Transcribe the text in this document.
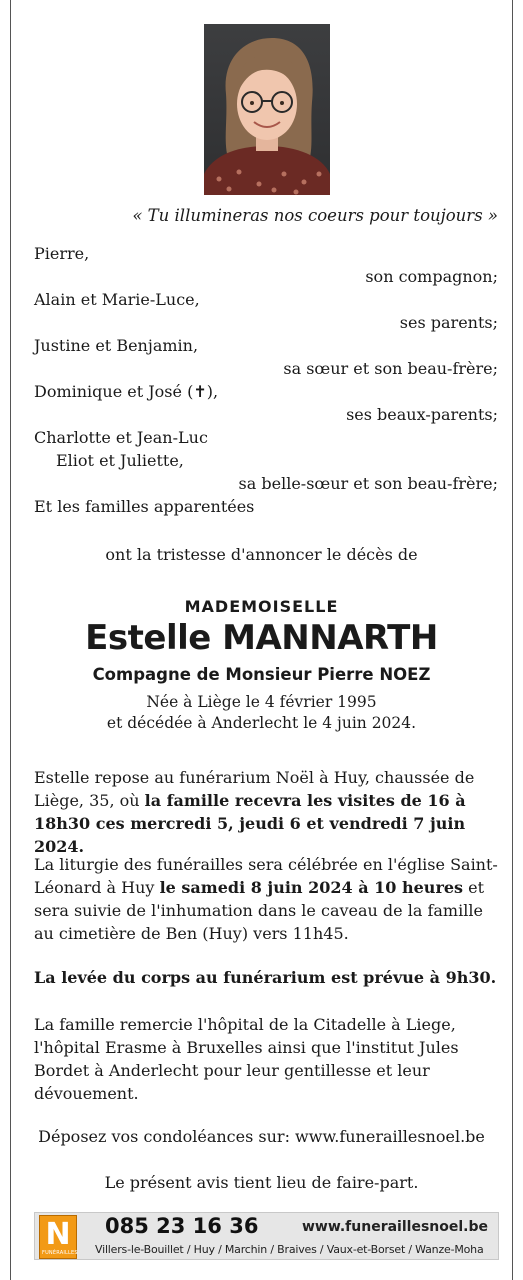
« Tu illumineras nos coeurs pour toujours »
Pierre,
son compagnon;
Alain et Marie-Luce,
ses parents;
Justine et Benjamin,
sa sœur et son beau-frère;
Dominique et José (✝),
ses beaux-parents;
Charlotte et Jean-Luc
Eliot et Juliette,
sa belle-sœur et son beau-frère;
Et les familles apparentées
ont la tristesse d'annoncer le décès de
MADEMOISELLE
Estelle MANNARTH
Compagne de Monsieur Pierre NOEZ
Née à Liège le 4 février 1995
et décédée à Anderlecht le 4 juin 2024.
Estelle repose au funérarium Noël à Huy, chaussée de Liège, 35, où la famille recevra les visites de 16 à 18h30 ces mercredi 5, jeudi 6 et vendredi 7 juin 2024.
La liturgie des funérailles sera célébrée en l'église Saint-Léonard à Huy le samedi 8 juin 2024 à 10 heures et sera suivie de l'inhumation dans le caveau de la famille au cimetière de Ben (Huy) vers 11h45.
La levée du corps au funérarium est prévue à 9h30.
La famille remercie l'hôpital de la Citadelle à Liege, l'hôpital Erasme à Bruxelles ainsi que l'institut Jules Bordet à Anderlecht pour leur gentillesse et leur dévouement.
Déposez vos condoléances sur: www.funeraillesnoel.be
Le présent avis tient lieu de faire-part.
N
FUNÉRAILLES
085 23 16 36	www.funeraillesnoel.be
Villers-le-Bouillet / Huy / Marchin / Braives / Vaux-et-Borset / Wanze-Moha
